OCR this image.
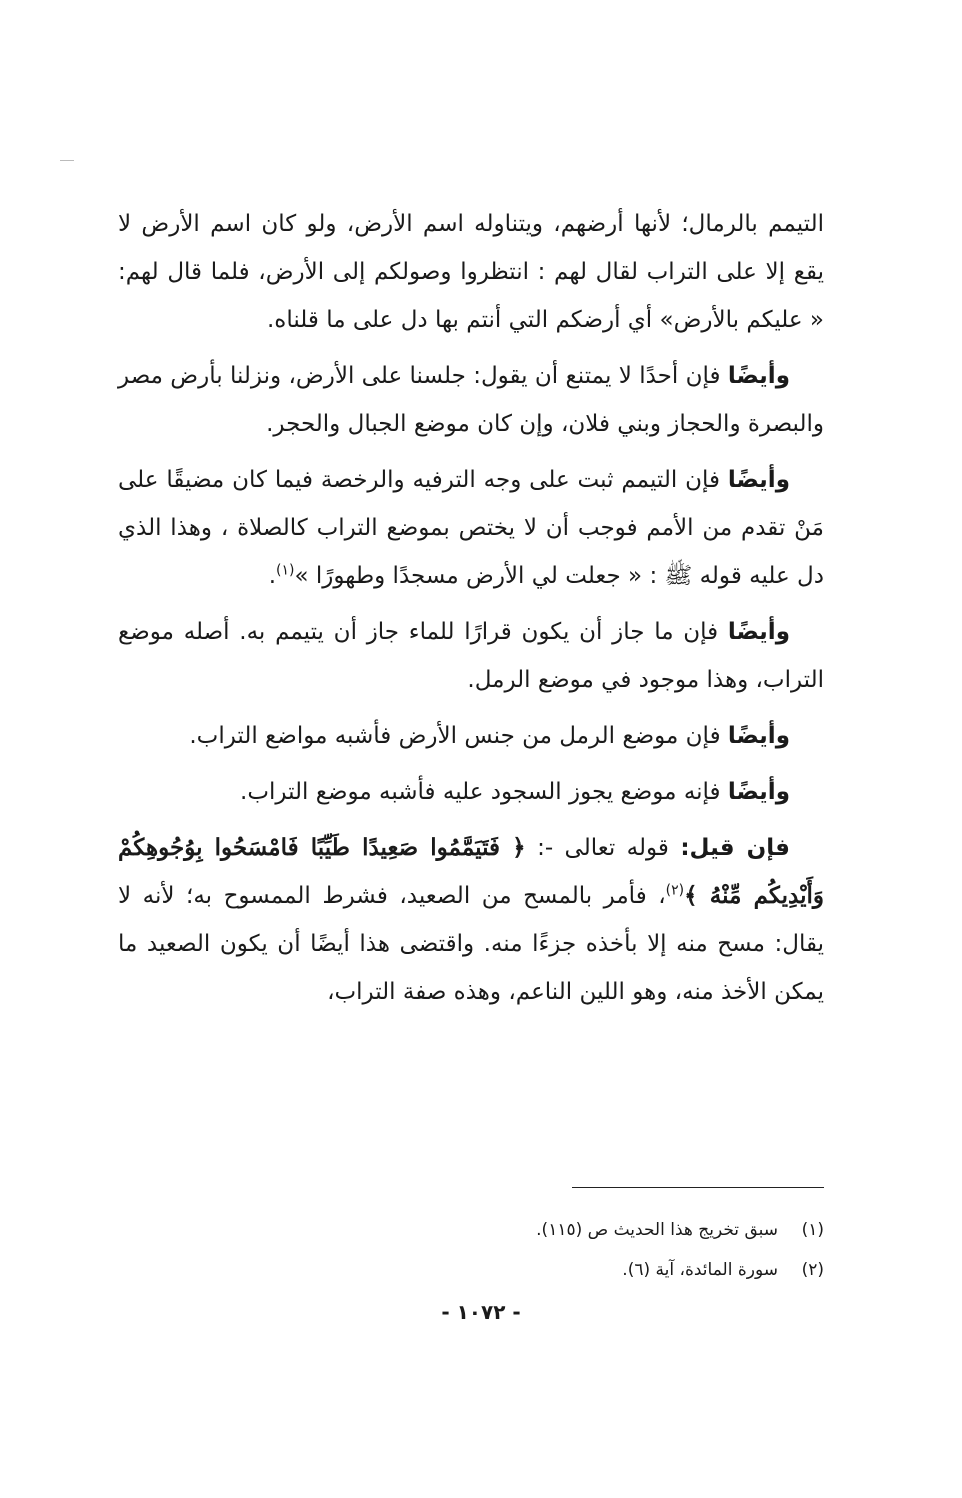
التيمم بالرمال؛ لأنها أرضهم، ويتناوله اسم الأرض، ولو كان اسم الأرض لا يقع إلا على التراب لقال لهم : انتظروا وصولكم إلى الأرض، فلما قال لهم: « عليكم بالأرض» أي أرضكم التي أنتم بها دل على ما قلناه.

وأيضًا فإن أحدًا لا يمتنع أن يقول: جلسنا على الأرض، ونزلنا بأرض مصر والبصرة والحجاز وبني فلان، وإن كان موضع الجبال والحجر.

وأيضًا فإن التيمم ثبت على وجه الترفيه والرخصة فيما كان مضيقًا على مَنْ تقدم من الأمم فوجب أن لا يختص بموضع التراب كالصلاة ، وهذا الذي دل عليه قوله ﷺ : « جعلت لي الأرض مسجدًا وطهورًا »$^{(١)}$.

وأيضًا فإن ما جاز أن يكون قرارًا للماء جاز أن يتيمم به. أصله موضع التراب، وهذا موجود في موضع الرمل.

وأيضًا فإن موضع الرمل من جنس الأرض فأشبه مواضع التراب.

وأيضًا فإنه موضع يجوز السجود عليه فأشبه موضع التراب.

فإن قيل: قوله تعالى -: ﴿ فَتَيَمَّمُوا صَعِيدًا طَيِّبًا فَامْسَحُوا بِوُجُوهِكُمْ وَأَيْدِيكُم مِّنْهُ ﴾$^{(٢)}$، فأمر بالمسح من الصعيد، فشرط الممسوح به؛ لأنه لا يقال: مسح منه إلا بأخذه جزءًا منه. واقتضى هذا أيضًا أن يكون الصعيد ما يمكن الأخذ منه، وهو اللين الناعم، وهذه صفة التراب،

(١)
سبق تخريج هذا الحديث ص (١١٥).
(٢)
سورة المائدة، آية (٦).
- ١٠٧٢ -
